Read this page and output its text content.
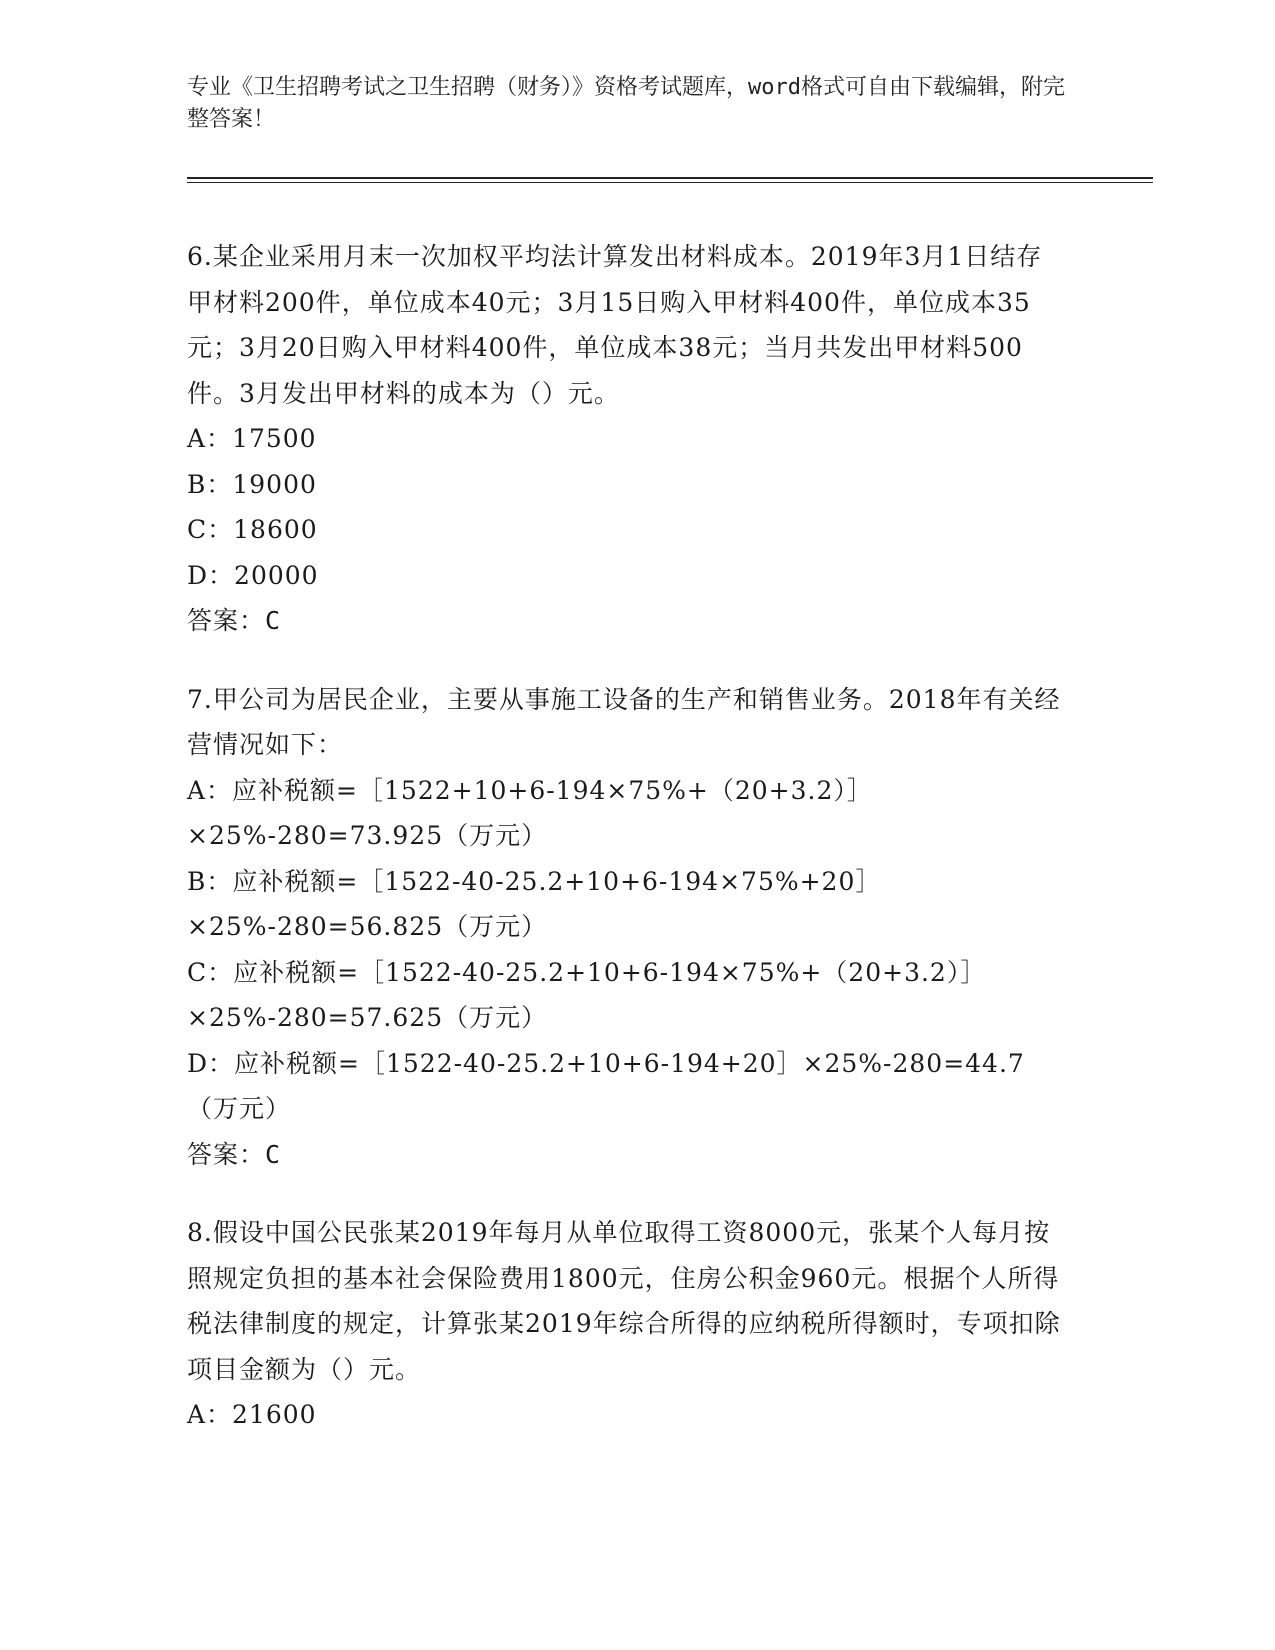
专业《卫生招聘考试之卫生招聘（财务）》资格考试题库，word格式可自由下载编辑，附完整答案！

6.某企业采用月末一次加权平均法计算发出材料成本。2019年3月1日结存甲材料200件，单位成本40元；3月15日购入甲材料400件，单位成本35元；3月20日购入甲材料400件，单位成本38元；当月共发出甲材料500件。3月发出甲材料的成本为（）元。

A：17500

B：19000

C：18600

D：20000

答案：C

7.甲公司为居民企业，主要从事施工设备的生产和销售业务。2018年有关经营情况如下：

A：应补税额=［1522+10+6-194×75%+（20+3.2）］×25%-280=73.925（万元）

B：应补税额=［1522-40-25.2+10+6-194×75%+20］×25%-280=56.825（万元）

C：应补税额=［1522-40-25.2+10+6-194×75%+（20+3.2）］×25%-280=57.625（万元）

D：应补税额=［1522-40-25.2+10+6-194+20］×25%-280=44.7（万元）

答案：C

8.假设中国公民张某2019年每月从单位取得工资8000元，张某个人每月按照规定负担的基本社会保险费用1800元，住房公积金960元。根据个人所得税法律制度的规定，计算张某2019年综合所得的应纳税所得额时，专项扣除项目金额为（）元。

A：21600
